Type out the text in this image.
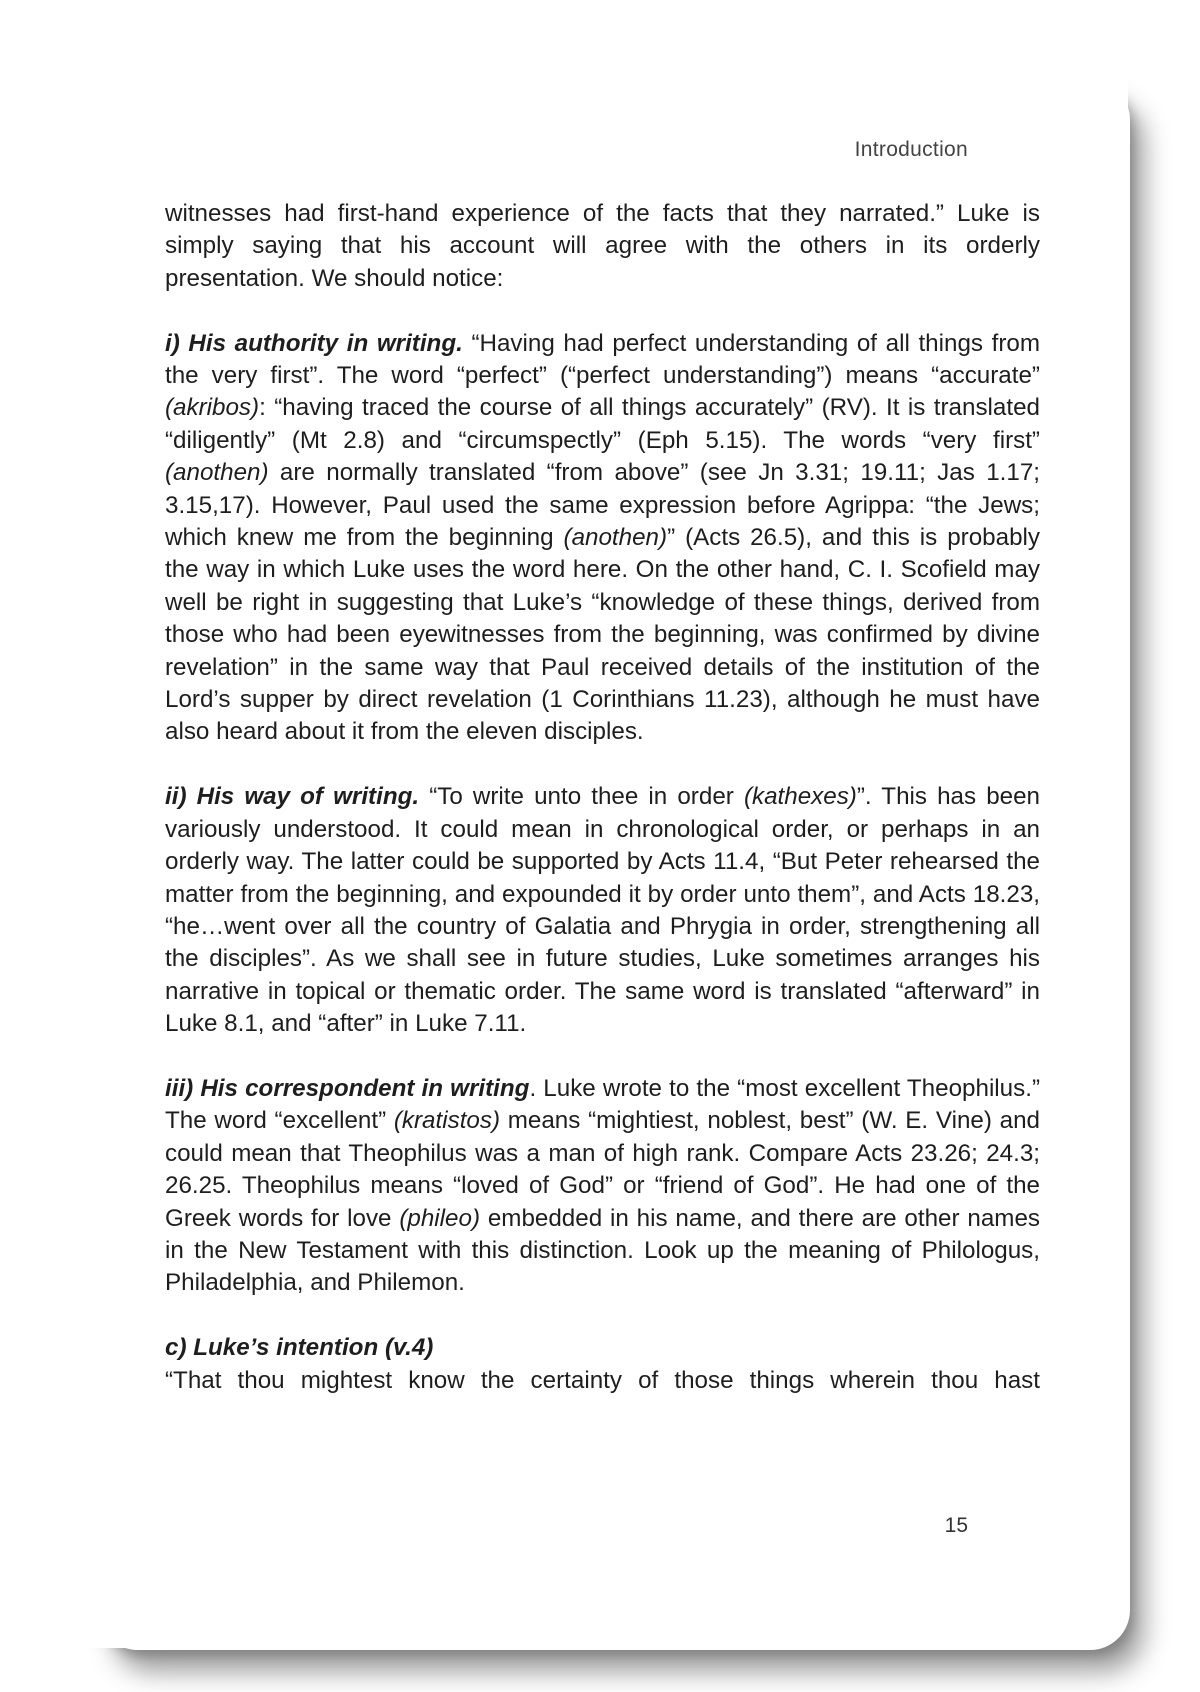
Introduction

witnesses had first-hand experience of the facts that they narrated.” Luke is simply saying that his account will agree with the others in its orderly presentation. We should notice:

i) His authority in writing. “Having had perfect understanding of all things from the very first”. The word “perfect” (“perfect understanding”) means “accurate” (akribos): “having traced the course of all things accurately” (RV). It is translated “diligently” (Mt 2.8) and “circumspectly” (Eph 5.15). The words “very first” (anothen) are normally translated “from above” (see Jn 3.31; 19.11; Jas 1.17; 3.15,17). However, Paul used the same expression before Agrippa: “the Jews; which knew me from the beginning (anothen)” (Acts 26.5), and this is probably the way in which Luke uses the word here. On the other hand, C. I. Scofield may well be right in suggesting that Luke’s “knowledge of these things, derived from those who had been eyewitnesses from the beginning, was confirmed by divine revelation” in the same way that Paul received details of the institution of the Lord’s supper by direct revelation (1 Corinthians 11.23), although he must have also heard about it from the eleven disciples.

ii) His way of writing. “To write unto thee in order (kathexes)”. This has been variously understood. It could mean in chronological order, or perhaps in an orderly way. The latter could be supported by Acts 11.4, “But Peter rehearsed the matter from the beginning, and expounded it by order unto them”, and Acts 18.23, “he…went over all the country of Galatia and Phrygia in order, strengthening all the disciples”. As we shall see in future studies, Luke sometimes arranges his narrative in topical or thematic order. The same word is translated “afterward” in Luke 8.1, and “after” in Luke 7.11.

iii) His correspondent in writing. Luke wrote to the “most excellent Theophilus.” The word “excellent” (kratistos) means “mightiest, noblest, best” (W. E. Vine) and could mean that Theophilus was a man of high rank. Compare Acts 23.26; 24.3; 26.25. Theophilus means “loved of God” or “friend of God”. He had one of the Greek words for love (phileo) embedded in his name, and there are other names in the New Testament with this distinction. Look up the meaning of Philologus, Philadelphia, and Philemon.

c) Luke’s intention (v.4)

“That thou mightest know the certainty of those things wherein thou hast

15
